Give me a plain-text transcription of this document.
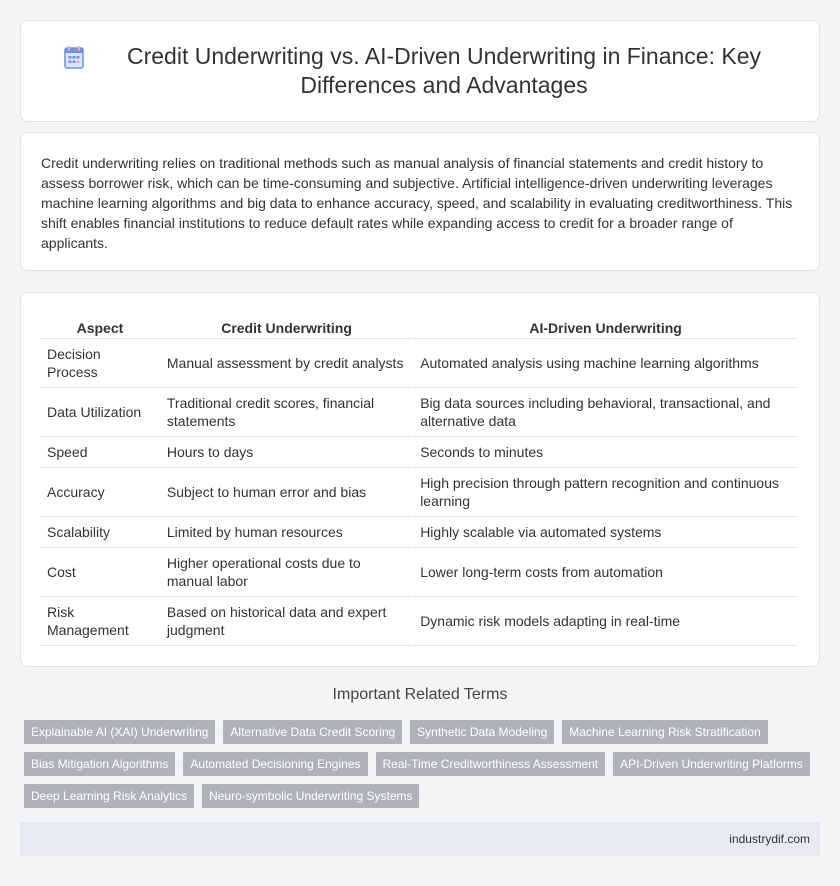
Credit Underwriting vs. AI-Driven Underwriting in Finance: Key Differences and Advantages

Credit underwriting relies on traditional methods such as manual analysis of financial statements and credit history to assess borrower risk, which can be time-consuming and subjective. Artificial intelligence-driven underwriting leverages machine learning algorithms and big data to enhance accuracy, speed, and scalability in evaluating creditworthiness. This shift enables financial institutions to reduce default rates while expanding access to credit for a broader range of applicants.

Aspect	Credit Underwriting	AI-Driven Underwriting
Decision Process	Manual assessment by credit analysts	Automated analysis using machine learning algorithms
Data Utilization	Traditional credit scores, financial statements	Big data sources including behavioral, transactional, and alternative data
Speed	Hours to days	Seconds to minutes
Accuracy	Subject to human error and bias	High precision through pattern recognition and continuous learning
Scalability	Limited by human resources	Highly scalable via automated systems
Cost	Higher operational costs due to manual labor	Lower long-term costs from automation
Risk Management	Based on historical data and expert judgment	Dynamic risk models adapting in real-time
Important Related Terms
Explainable AI (XAI) Underwriting	Alternative Data Credit Scoring	Synthetic Data Modeling	Machine Learning Risk Stratification
Bias Mitigation Algorithms	Automated Decisioning Engines	Real-Time Creditworthiness Assessment	API-Driven Underwriting Platforms
Deep Learning Risk Analytics	Neuro-symbolic Underwriting Systems
industrydif.com
